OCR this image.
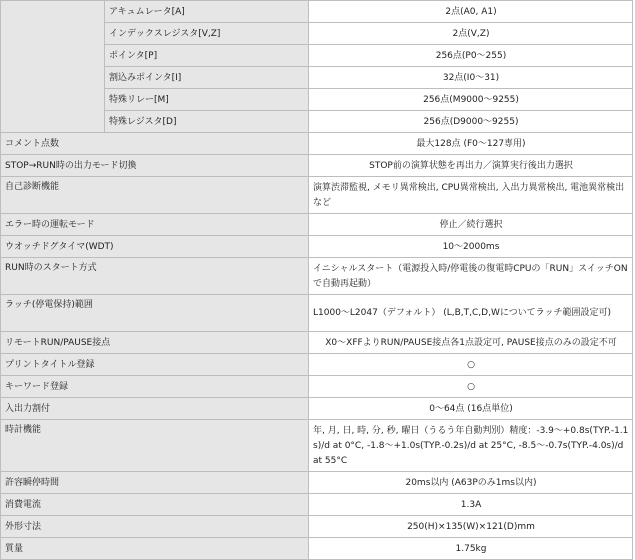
	アキュムレータ[A]	2点(A0, A1)
	インデックスレジスタ[V,Z]	2点(V,Z)
	ポインタ[P]	256点(P0～255)
	割込みポインタ[I]	32点(I0～31)
	特殊リレー[M]	256点(M9000～9255)
	特殊レジスタ[D]	256点(D9000～9255)
コメント点数		最大128点 (F0～127専用)
STOP→RUN時の出力モード切換		STOP前の演算状態を再出力／演算実行後出力選択
自己診断機能		演算渋滞監視, メモリ異常検出, CPU異常検出, 入出力異常検出, 電池異常検出など
エラー時の運転モード		停止／続行選択
ウオッチドグタイマ(WDT)		10～2000ms
RUN時のスタート方式		イニシャルスタート（電源投入時/停電後の復電時CPUの「RUN」スイッチONで自動再起動）
ラッチ(停電保持)範囲		L1000～L2047（デフォルト） (L,B,T,C,D,Wについてラッチ範囲設定可)
リモートRUN/PAUSE接点		X0～XFFよりRUN/PAUSE接点各1点設定可, PAUSE接点のみの設定不可
プリントタイトル登録		○
キーワード登録		○
入出力割付		0～64点 (16点単位)
時計機能		年, 月, 日, 時, 分, 秒, 曜日（うるう年自動判別）精度：-3.9～+0.8s(TYP.-1.1s)/d at 0°C, -1.8～+1.0s(TYP.-0.2s)/d at 25°C, -8.5～-0.7s(TYP.-4.0s)/d at 55°C
許容瞬停時間		20ms以内 (A63Pのみ1ms以内)
消費電流		1.3A
外形寸法		250(H)×135(W)×121(D)mm
質量		1.75kg
